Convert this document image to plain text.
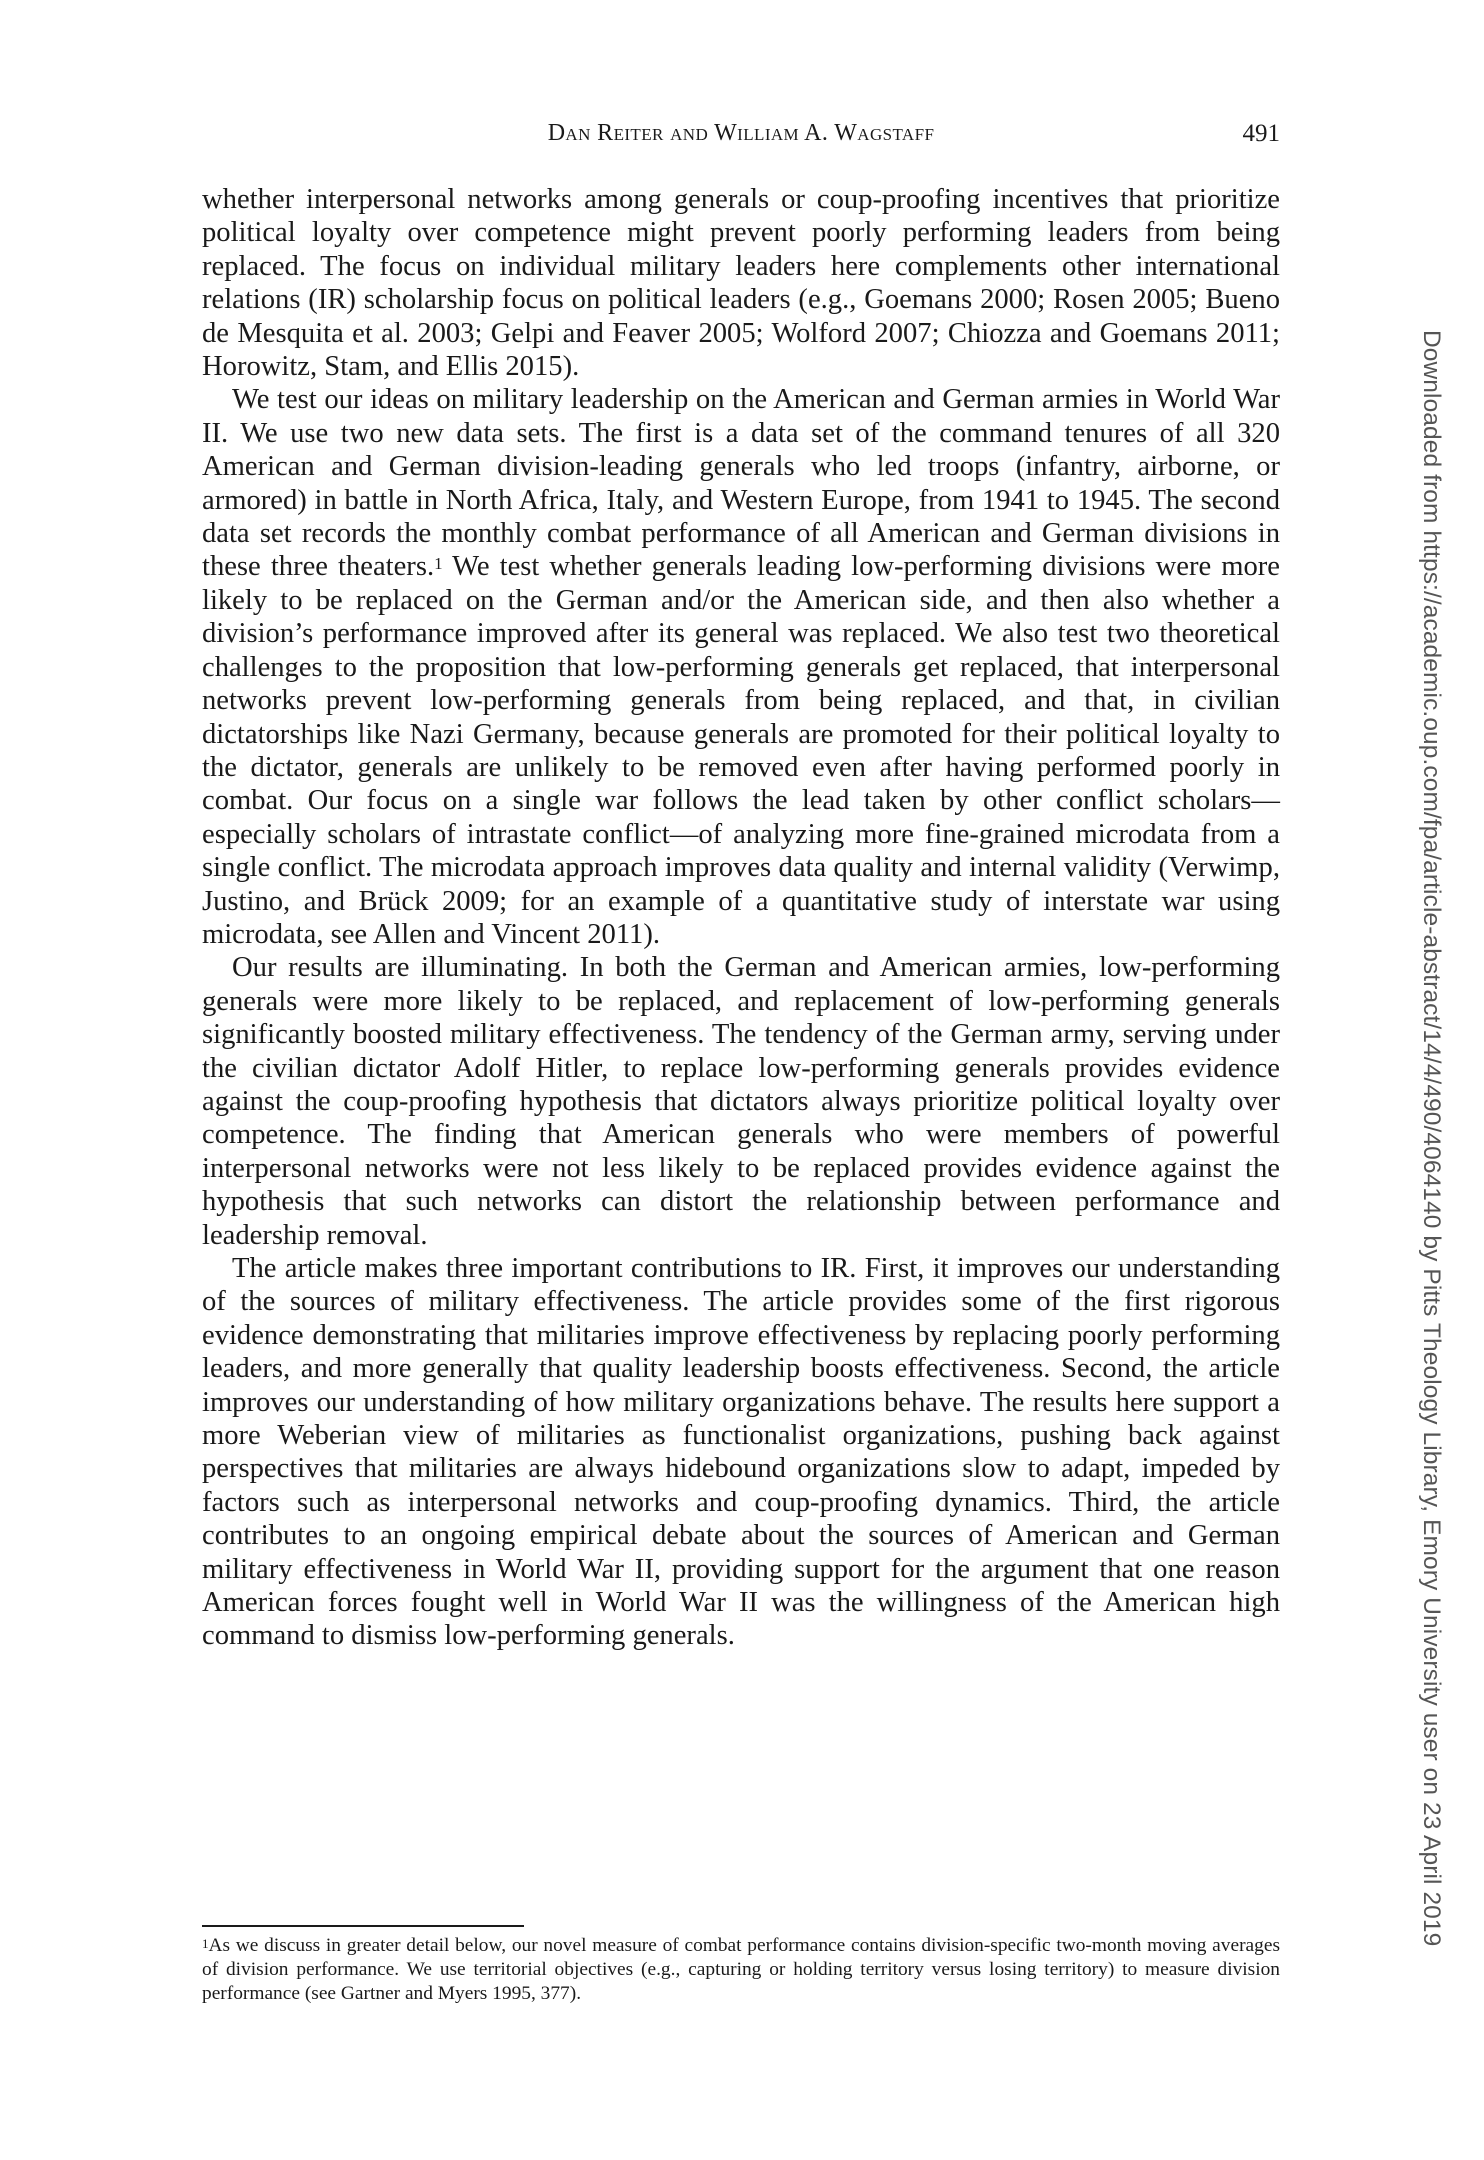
Dan Reiter and William A. Wagstaff	491

whether interpersonal networks among generals or coup-proofing incentives that prioritize political loyalty over competence might prevent poorly performing leaders from being replaced. The focus on individual military leaders here complements other international relations (IR) scholarship focus on political leaders (e.g., Goemans 2000; Rosen 2005; Bueno de Mesquita et al. 2003; Gelpi and Feaver 2005; Wolford 2007; Chiozza and Goemans 2011; Horowitz, Stam, and Ellis 2015).

We test our ideas on military leadership on the American and German armies in World War II. We use two new data sets. The first is a data set of the command tenures of all 320 American and German division-leading generals who led troops (infantry, airborne, or armored) in battle in North Africa, Italy, and Western Europe, from 1941 to 1945. The second data set records the monthly combat performance of all American and German divisions in these three theaters.$^1$ We test whether generals leading low-performing divisions were more likely to be replaced on the German and/or the American side, and then also whether a division’s performance improved after its general was replaced. We also test two theoretical challenges to the proposition that low-performing generals get replaced, that interpersonal networks prevent low-performing generals from being replaced, and that, in civilian dictatorships like Nazi Germany, because generals are promoted for their political loyalty to the dictator, generals are unlikely to be removed even after having performed poorly in combat. Our focus on a single war follows the lead taken by other conflict scholars—especially scholars of intrastate conflict—of analyzing more fine-grained microdata from a single conflict. The microdata approach improves data quality and internal validity (Verwimp, Justino, and Brück 2009; for an example of a quantitative study of interstate war using microdata, see Allen and Vincent 2011).

Our results are illuminating. In both the German and American armies, low-performing generals were more likely to be replaced, and replacement of low-performing generals significantly boosted military effectiveness. The tendency of the German army, serving under the civilian dictator Adolf Hitler, to replace low-performing generals provides evidence against the coup-proofing hypothesis that dictators always prioritize political loyalty over competence. The finding that American generals who were members of powerful interpersonal networks were not less likely to be replaced provides evidence against the hypothesis that such networks can distort the relationship between performance and leadership removal.

The article makes three important contributions to IR. First, it improves our understanding of the sources of military effectiveness. The article provides some of the first rigorous evidence demonstrating that militaries improve effectiveness by replacing poorly performing leaders, and more generally that quality leadership boosts effectiveness. Second, the article improves our understanding of how military organizations behave. The results here support a more Weberian view of militaries as functionalist organizations, pushing back against perspectives that militaries are always hidebound organizations slow to adapt, impeded by factors such as interpersonal networks and coup-proofing dynamics. Third, the article contributes to an ongoing empirical debate about the sources of American and German military effectiveness in World War II, providing support for the argument that one reason American forces fought well in World War II was the willingness of the American high command to dismiss low-performing generals.

$^1$As we discuss in greater detail below, our novel measure of combat performance contains division-specific two-month moving averages of division performance. We use territorial objectives (e.g., capturing or holding territory versus losing territory) to measure division performance (see Gartner and Myers 1995, 377).

Downloaded from https://academic.oup.com/fpa/article-abstract/14/4/490/4064140 by Pitts Theology Library, Emory University user on 23 April 2019
